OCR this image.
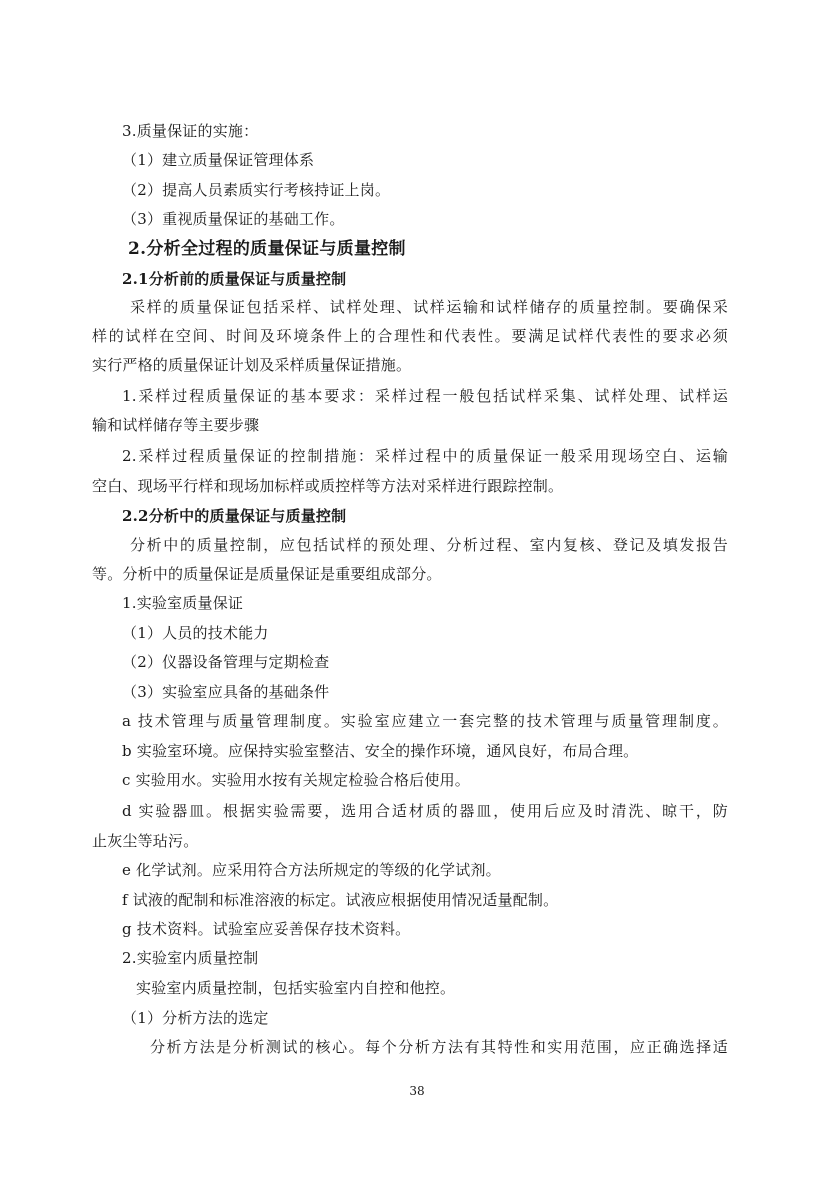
3.质量保证的实施：
（1）建立质量保证管理体系
（2）提高人员素质实行考核持证上岗。
（3）重视质量保证的基础工作。
2.分析全过程的质量保证与质量控制
2.1分析前的质量保证与质量控制
采样的质量保证包括采样、试样处理、试样运输和试样储存的质量控制。要确保采
样的试样在空间、时间及环境条件上的合理性和代表性。要满足试样代表性的要求必须
实行严格的质量保证计划及采样质量保证措施。
1.采样过程质量保证的基本要求：采样过程一般包括试样采集、试样处理、试样运
输和试样储存等主要步骤
2.采样过程质量保证的控制措施：采样过程中的质量保证一般采用现场空白、运输
空白、现场平行样和现场加标样或质控样等方法对采样进行跟踪控制。
2.2分析中的质量保证与质量控制
分析中的质量控制，应包括试样的预处理、分析过程、室内复核、登记及填发报告
等。分析中的质量保证是质量保证是重要组成部分。
1.实验室质量保证
（1）人员的技术能力
（2）仪器设备管理与定期检查
（3）实验室应具备的基础条件
a 技术管理与质量管理制度。实验室应建立一套完整的技术管理与质量管理制度。
b 实验室环境。应保持实验室整洁、安全的操作环境，通风良好，布局合理。
c 实验用水。实验用水按有关规定检验合格后使用。
d 实验器皿。根据实验需要，选用合适材质的器皿，使用后应及时清洗、晾干，防
止灰尘等玷污。
e 化学试剂。应采用符合方法所规定的等级的化学试剂。
f 试液的配制和标准溶液的标定。试液应根据使用情况适量配制。
g 技术资料。试验室应妥善保存技术资料。
2.实验室内质量控制
实验室内质量控制，包括实验室内自控和他控。
（1）分析方法的选定
分析方法是分析测试的核心。每个分析方法有其特性和实用范围，应正确选择适
38
